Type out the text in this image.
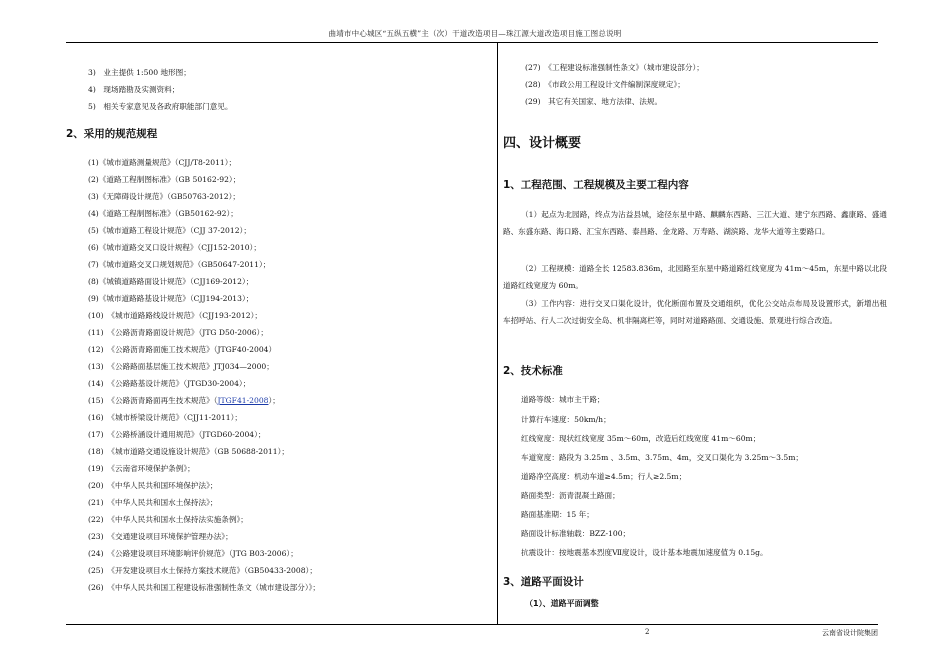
曲靖市中心城区“五纵五横”主（次）干道改造项目—珠江源大道改造项目施工图总说明
3)　业主提供 1:500 地形图；
4)　现场踏勘及实测资料；
5)　相关专家意见及各政府职能部门意见。
2、采用的规范规程
(1)《城市道路测量规范》（CJJ/T8-2011）；
(2)《道路工程制图标准》（GB 50162-92）；
(3)《无障碍设计规范》（GB50763-2012）；
(4)《道路工程制图标准》（GB50162-92）；
(5)《城市道路工程设计规范》（CJJ 37-2012）；
(6)《城市道路交叉口设计规程》（CJJ152-2010）；
(7)《城市道路交叉口规划规范》（GB50647-2011）；
(8)《城镇道路路面设计规范》（CJJ169-2012）；
(9)《城市道路路基设计规范》（CJJ194-2013）；
(10)　《城市道路路线设计规范》（CJJ193-2012）；
(11)　《公路沥青路面设计规范》（JTG D50-2006）；
(12)　《公路沥青路面施工技术规范》（JTGF40-2004）
(13)　《公路路面基层施工技术规范》JTJ034—2000；
(14)　《公路路基设计规范》（JTGD30-2004）；
(15)　《公路沥青路面再生技术规范》（JTGF41-2008）；
(16)　《城市桥梁设计规范》（CJJ11-2011）；
(17)　《公路桥涵设计通用规范》（JTGD60-2004）；
(18)　《城市道路交通设施设计规范》（GB 50688-2011）；
(19)　《云南省环境保护条例》；
(20)　《中华人民共和国环境保护法》；
(21)　《中华人民共和国水土保持法》；
(22)　《中华人民共和国水土保持法实施条例》；
(23)　《交通建设项目环境保护管理办法》；
(24)　《公路建设项目环境影响评价规范》（JTG B03-2006）；
(25)　《开发建设项目水土保持方案技术规范》（GB50433-2008）；
(26)　《中华人民共和国工程建设标准强制性条文（城市建设部分）》；
(27)　《工程建设标准强制性条文》（城市建设部分）；
(28)　《市政公用工程设计文件编制深度规定》；
(29)　其它有关国家、地方法律、法规。
四、设计概要
1、工程范围、工程规模及主要工程内容
（1）起点为北园路，终点为沾益县城，途径东星中路、麒麟东西路、三江大道、建宁东西路、鑫康路、盛通路、东盛东路、海口路、汇宝东西路、泰昌路、金龙路、万寿路、湖滨路、龙华大道等主要路口。
（2）工程规模：道路全长 12583.836m，北园路至东星中路道路红线宽度为 41m～45m，东星中路以北段道路红线宽度为 60m。
（3）工作内容：进行交叉口渠化设计，优化断面布置及交通组织，优化公交站点布局及设置形式，新增出租车招呼站、行人二次过街安全岛、机非隔离栏等，同时对道路路面、交通设施、景观进行综合改造。
2、技术标准
道路等级：城市主干路；
计算行车速度：50km/h；
红线宽度：现状红线宽度 35m～60m，改造后红线宽度 41m～60m；
车道宽度：路段为 3.25m 、3.5m、3.75m、4m，交叉口渠化为 3.25m～3.5m；
道路净空高度：机动车道≥4.5m；行人≥2.5m；
路面类型：沥青混凝土路面；
路面基准期：15 年；
路面设计标准轴载：BZZ-100；
抗震设计：按地震基本烈度Ⅶ度设计，设计基本地震加速度值为 0.15g。
3、道路平面设计
（1）、道路平面调整
2	云南省设计院集团
